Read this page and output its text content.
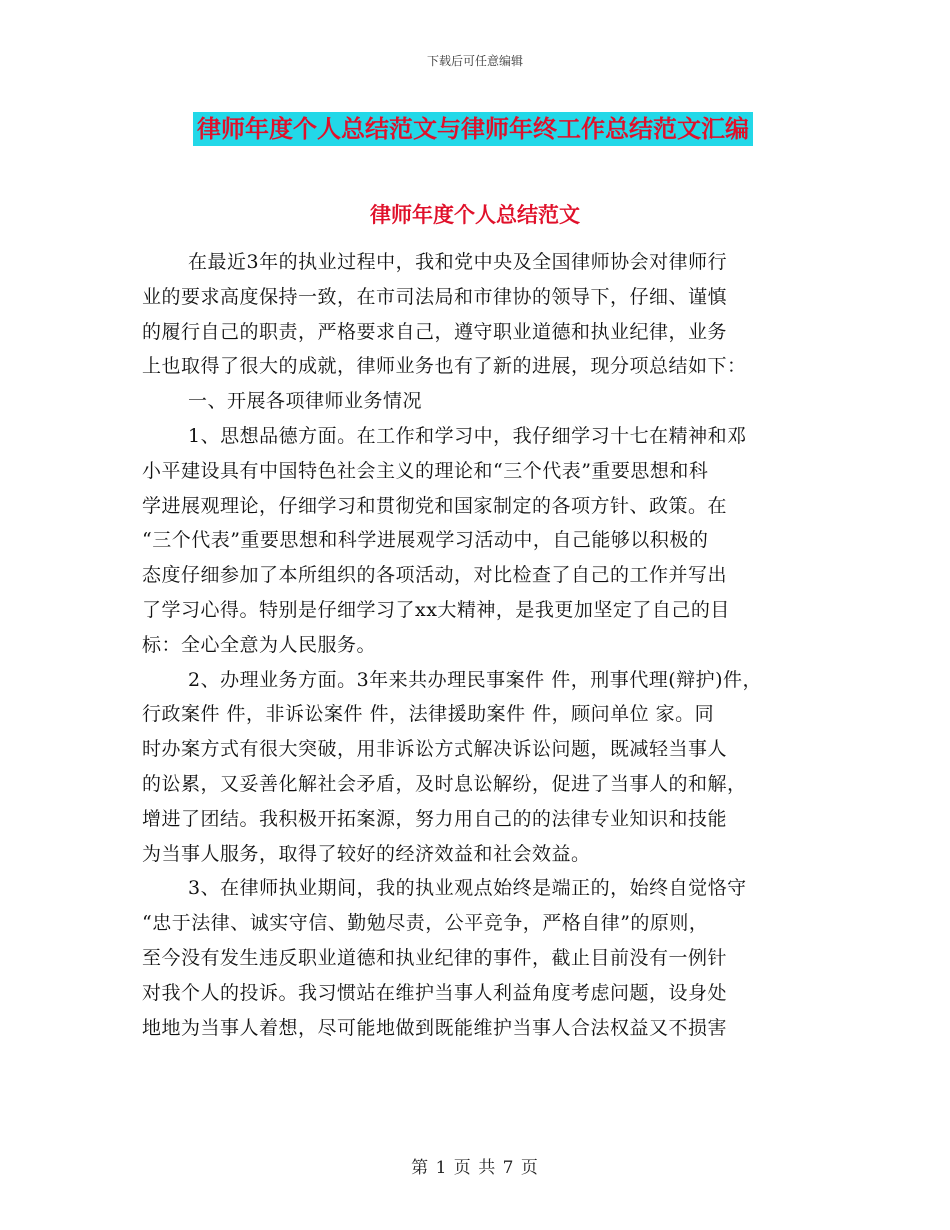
下载后可任意编辑
律师年度个人总结范文与律师年终工作总结范文汇编
律师年度个人总结范文
在最近3年的执业过程中，我和党中央及全国律师协会对律师行
业的要求高度保持一致，在市司法局和市律协的领导下，仔细、谨慎
的履行自己的职责，严格要求自己，遵守职业道德和执业纪律，业务
上也取得了很大的成就，律师业务也有了新的进展，现分项总结如下：
一、开展各项律师业务情况
1、思想品德方面。在工作和学习中，我仔细学习十七在精神和邓
小平建设具有中国特色社会主义的理论和“三个代表”重要思想和科
学进展观理论，仔细学习和贯彻党和国家制定的各项方针、政策。在
“三个代表”重要思想和科学进展观学习活动中，自己能够以积极的
态度仔细参加了本所组织的各项活动，对比检查了自己的工作并写出
了学习心得。特别是仔细学习了xx大精神，是我更加坚定了自己的目
标：全心全意为人民服务。
2、办理业务方面。3年来共办理民事案件 件，刑事代理(辩护)件，
行政案件 件，非诉讼案件 件，法律援助案件 件，顾问单位 家。同
时办案方式有很大突破，用非诉讼方式解决诉讼问题，既减轻当事人
的讼累，又妥善化解社会矛盾，及时息讼解纷，促进了当事人的和解，
增进了团结。我积极开拓案源，努力用自己的的法律专业知识和技能
为当事人服务，取得了较好的经济效益和社会效益。
3、在律师执业期间，我的执业观点始终是端正的，始终自觉恪守
“忠于法律、诚实守信、勤勉尽责，公平竞争，严格自律”的原则，
至今没有发生违反职业道德和执业纪律的事件，截止目前没有一例针
对我个人的投诉。我习惯站在维护当事人利益角度考虑问题，设身处
地地为当事人着想，尽可能地做到既能维护当事人合法权益又不损害
第 1 页 共 7 页
